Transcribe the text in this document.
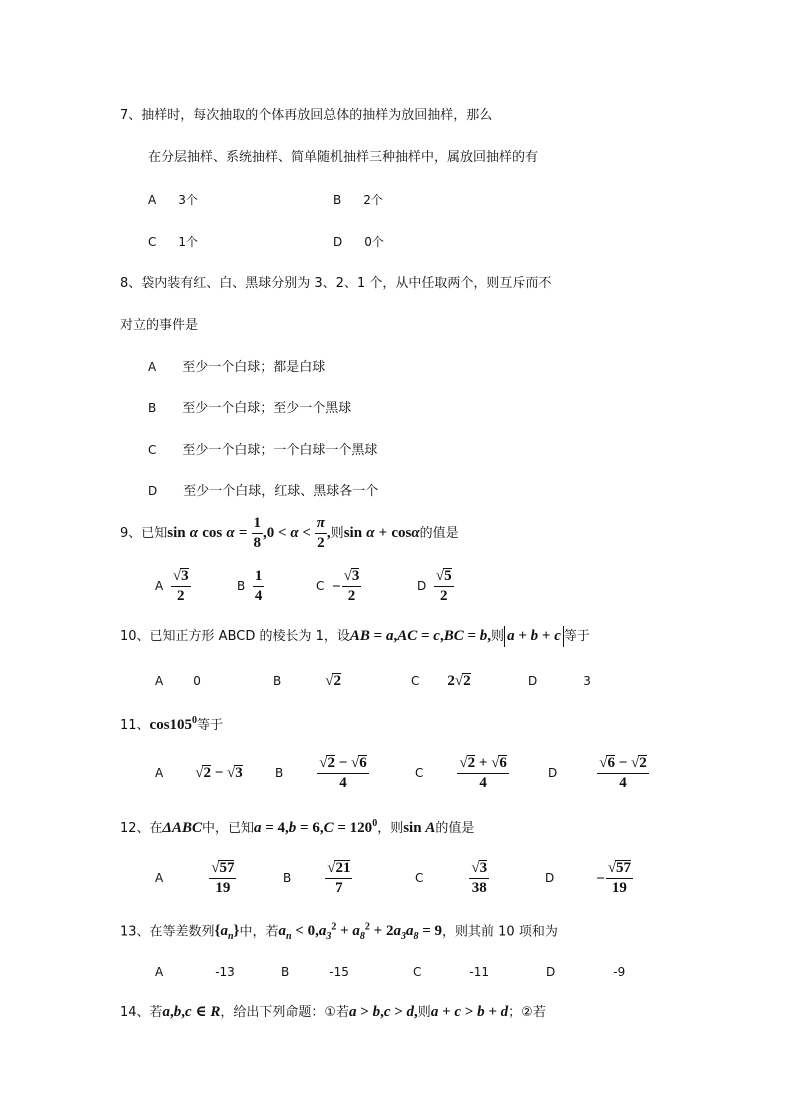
7、抽样时，每次抽取的个体再放回总体的抽样为放回抽样，那么
在分层抽样、系统抽样、简单随机抽样三种抽样中，属放回抽样的有
A 3个	B 2个
C 1个	D 0个
8、袋内装有红、白、黑球分别为 3、2、1 个，从中任取两个，则互斥而不
对立的事件是
A 至少一个白球；都是白球
B 至少一个白球；至少一个黑球
C 至少一个白球；一个白球一个黑球
D 至少一个白球，红球、黑球各一个
9、已知sin α $\cos \alpha = \frac{1}{8} ,0 < \alpha < \frac{\pi}{2}$ ,则sin α + cosα的值是
A $\frac{√3}{2}$	B $\frac{1}{4}$	$C - \frac{√3}{2}$	D $\frac{√5}{2}$
10、已知正方形 ABCD 的棱长为 1，设AB = a,AC = c,BC = b,则 a + b + c 等于
A	0	B	√2	C 2√2	D	3
11、$\cos 105^0$等于
A √2 − √3	B $\frac{√2 - √6}{4}$	C $\frac{√2 + √6}{4}$	D	$\frac{√6 - √2}{4}$
12、在ΔABC中，已知$a = 4,b = 6,C = 120^0$，则sin A的值是
A	$\frac{√57}{19}$	B $\frac{√21}{7}$	C	$\frac{√3}{38}$	D	− $\frac{√57}{19}$
13、在等差数列$\{a_n\}$中，若$a_n < 0,a_3^2 + a_8^2 + 2a_3a_8 = 9$，则其前 10 项和为
A	-13	B	-15	C	-11	D	-9
14、若a,b,c ∈ R，给出下列命题：①若a > b,c > d,则a + c > b + d；②若
